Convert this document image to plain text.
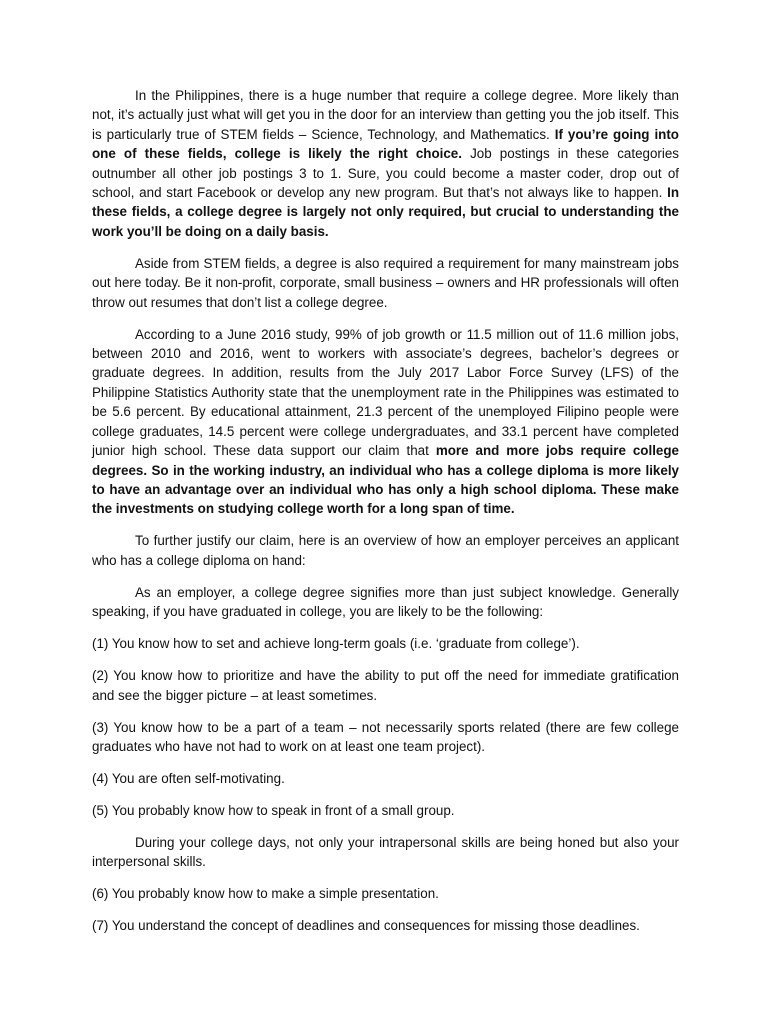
In the Philippines, there is a huge number that require a college degree. More likely than not, it’s actually just what will get you in the door for an interview than getting you the job itself. This is particularly true of STEM fields – Science, Technology, and Mathematics. If you’re going into one of these fields, college is likely the right choice. Job postings in these categories outnumber all other job postings 3 to 1. Sure, you could become a master coder, drop out of school, and start Facebook or develop any new program. But that’s not always like to happen. In these fields, a college degree is largely not only required, but crucial to understanding the work you’ll be doing on a daily basis.

Aside from STEM fields, a degree is also required a requirement for many mainstream jobs out here today. Be it non-profit, corporate, small business – owners and HR professionals will often throw out resumes that don’t list a college degree.

According to a June 2016 study, 99% of job growth or 11.5 million out of 11.6 million jobs, between 2010 and 2016, went to workers with associate’s degrees, bachelor’s degrees or graduate degrees. In addition, results from the July 2017 Labor Force Survey (LFS) of the Philippine Statistics Authority state that the unemployment rate in the Philippines was estimated to be 5.6 percent. By educational attainment, 21.3 percent of the unemployed Filipino people were college graduates, 14.5 percent were college undergraduates, and 33.1 percent have completed junior high school. These data support our claim that more and more jobs require college degrees. So in the working industry, an individual who has a college diploma is more likely to have an advantage over an individual who has only a high school diploma. These make the investments on studying college worth for a long span of time.

To further justify our claim, here is an overview of how an employer perceives an applicant who has a college diploma on hand:

As an employer, a college degree signifies more than just subject knowledge. Generally speaking, if you have graduated in college, you are likely to be the following:

(1) You know how to set and achieve long-term goals (i.e. ‘graduate from college’).

(2) You know how to prioritize and have the ability to put off the need for immediate gratification and see the bigger picture – at least sometimes.

(3) You know how to be a part of a team – not necessarily sports related (there are few college graduates who have not had to work on at least one team project).

(4) You are often self-motivating.

(5) You probably know how to speak in front of a small group.

During your college days, not only your intrapersonal skills are being honed but also your interpersonal skills.

(6) You probably know how to make a simple presentation.

(7) You understand the concept of deadlines and consequences for missing those deadlines.
